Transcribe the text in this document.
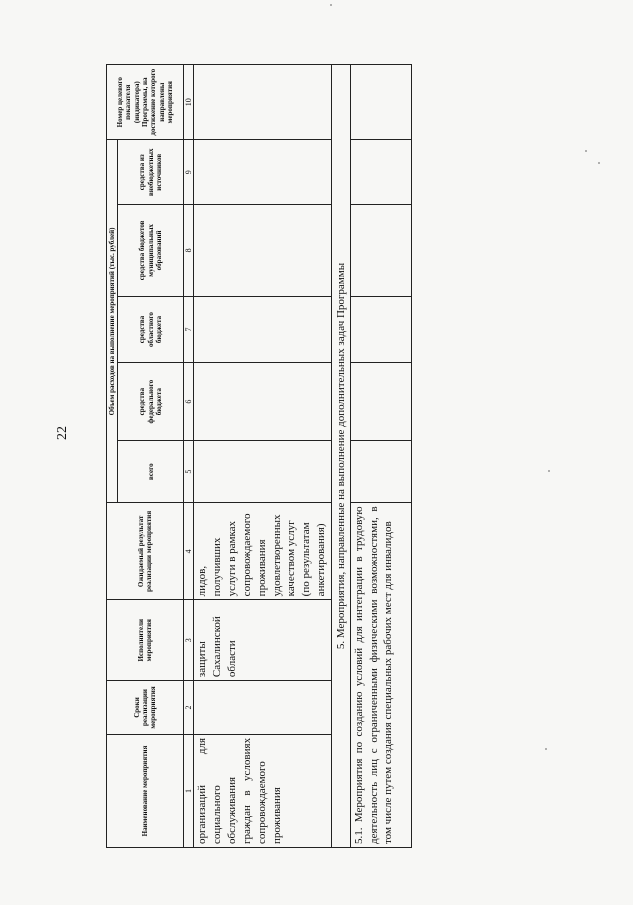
22
Наименование мероприятия	Сроки реализации мероприятия	Исполнители мероприятия	Ожидаемый результат реализации мероприятия	Объем расходов на выполнение мероприятий (тыс. рублей)					Номер целевого показателя (индикатора) Программы, на достижение которого направлены мероприятия
				всего	средства федерального бюджета	средства областного бюджета	средства бюджетов муниципальных образований	средства из внебюджетных источников	
1	2	3	4	5	6	7	8	9	10
организаций для социального обслуживания граждан в условиях сопровождаемого проживания		защиты Сахалинской области	лидов, получивших услуги в рамках сопровождаемого проживания удовлетворенных качеством услуг (по результатам анкетирования)						
5. Мероприятия, направленные на выполнение дополнительных задач Программы									
5.1. Мероприятия по созданию условий для интеграции в трудовую деятельность лиц с ограниченными физическими возможностями, в том числе путем создания специальных рабочих мест для инвалидов									
